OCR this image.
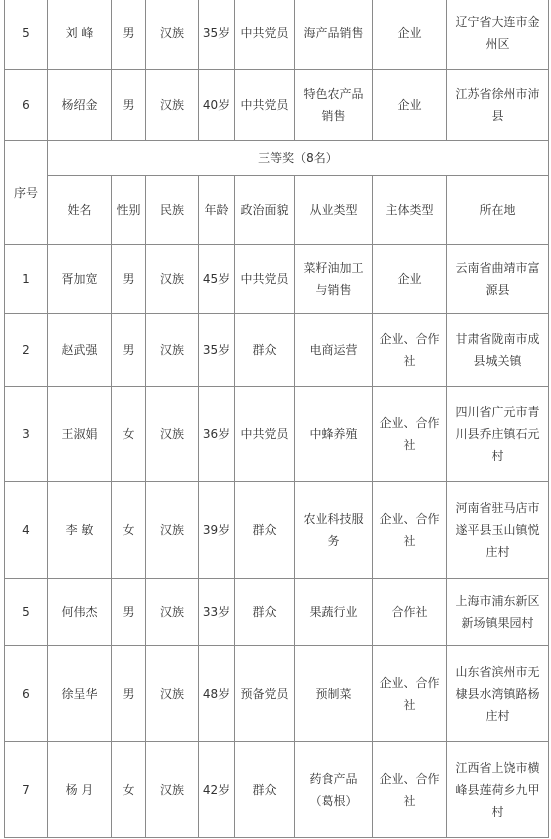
5	刘 峰	男	汉族	35岁	中共党员	海产品销售	企业	辽宁省大连市金州区
6	杨绍金	男	汉族	40岁	中共党员	特色农产品销售	企业	江苏省徐州市沛县
序号	三等奖（8名）							
	姓名	性别	民族	年龄	政治面貌	从业类型	主体类型	所在地
1	胥加宽	男	汉族	45岁	中共党员	菜籽油加工与销售	企业	云南省曲靖市富源县
2	赵武强	男	汉族	35岁	群众	电商运营	企业、合作社	甘肃省陇南市成县城关镇
3	王淑娟	女	汉族	36岁	中共党员	中蜂养殖	企业、合作社	四川省广元市青川县乔庄镇石元村
4	李 敏	女	汉族	39岁	群众	农业科技服务	企业、合作社	河南省驻马店市遂平县玉山镇悦庄村
5	何伟杰	男	汉族	33岁	群众	果蔬行业	合作社	上海市浦东新区新场镇果园村
6	徐呈华	男	汉族	48岁	预备党员	预制菜	企业、合作社	山东省滨州市无棣县水湾镇路杨庄村
7	杨 月	女	汉族	42岁	群众	药食产品（葛根）	企业、合作社	江西省上饶市横峰县莲荷乡九甲村
